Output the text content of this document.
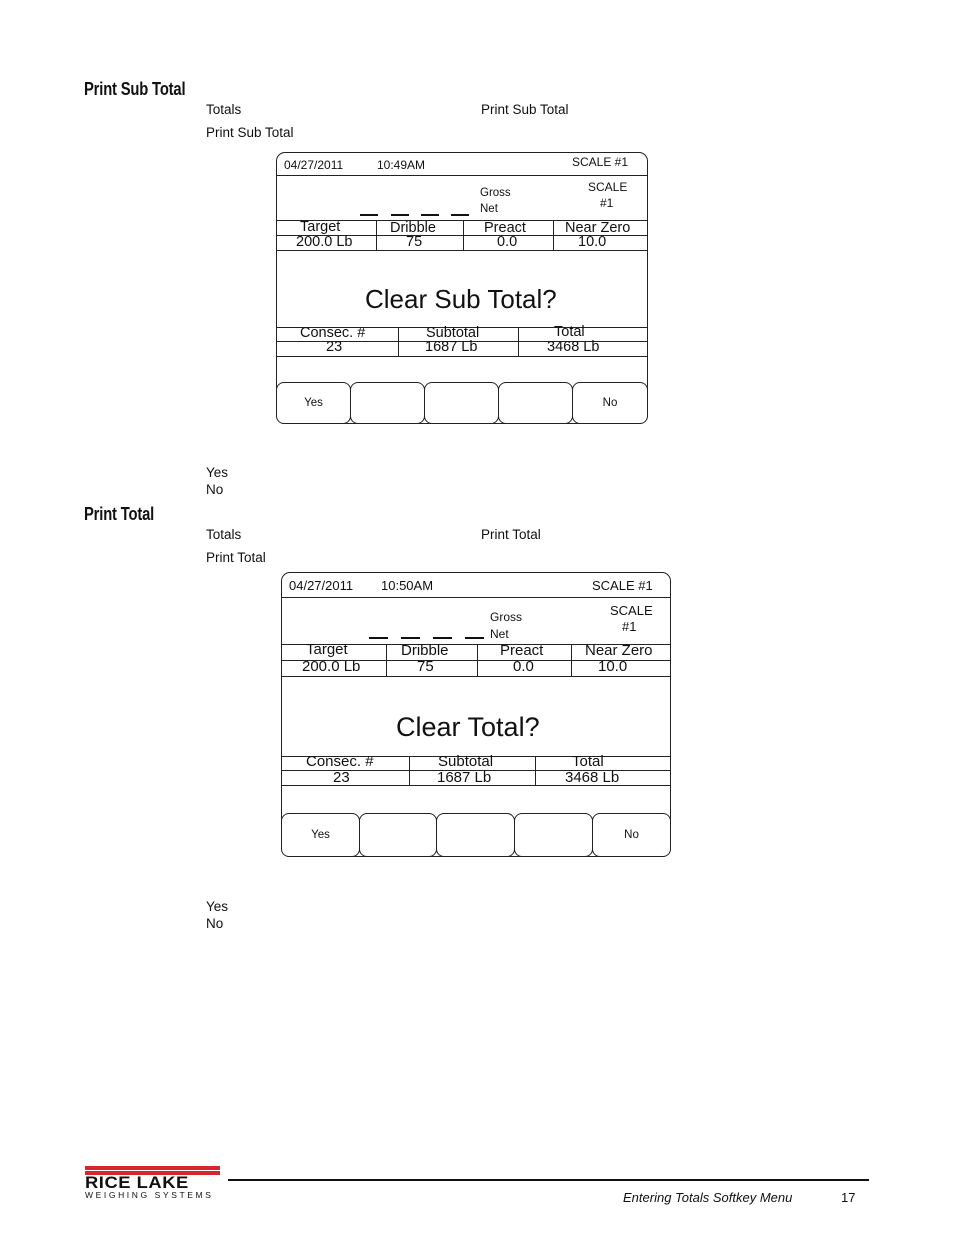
Print Sub Total
Totals	Print Sub Total
Print Sub Total
04/27/2011	10:49AM	SCALE #1
Gross
Net
SCALE
#1
Target	Dribble	Preact	Near Zero
200.0 Lb	75	0.0	10.0
Clear Sub Total?
Consec. #	Subtotal	Total
23	1687 Lb	3468 Lb
Yes	No
Yes
No
Print Total
Totals	Print Total
Print Total
04/27/2011 10:50AM	SCALE #1
Gross
Net
SCALE
#1
Target	Dribble	Preact	Near Zero
200.0 Lb	75	0.0	10.0
Clear Total?
Consec. #	Subtotal	Total
23	1687 Lb	3468 Lb
Yes	No
Yes
No
RICE LAKE
WEIGHING SYSTEMS	Entering Totals Softkey Menu	17
